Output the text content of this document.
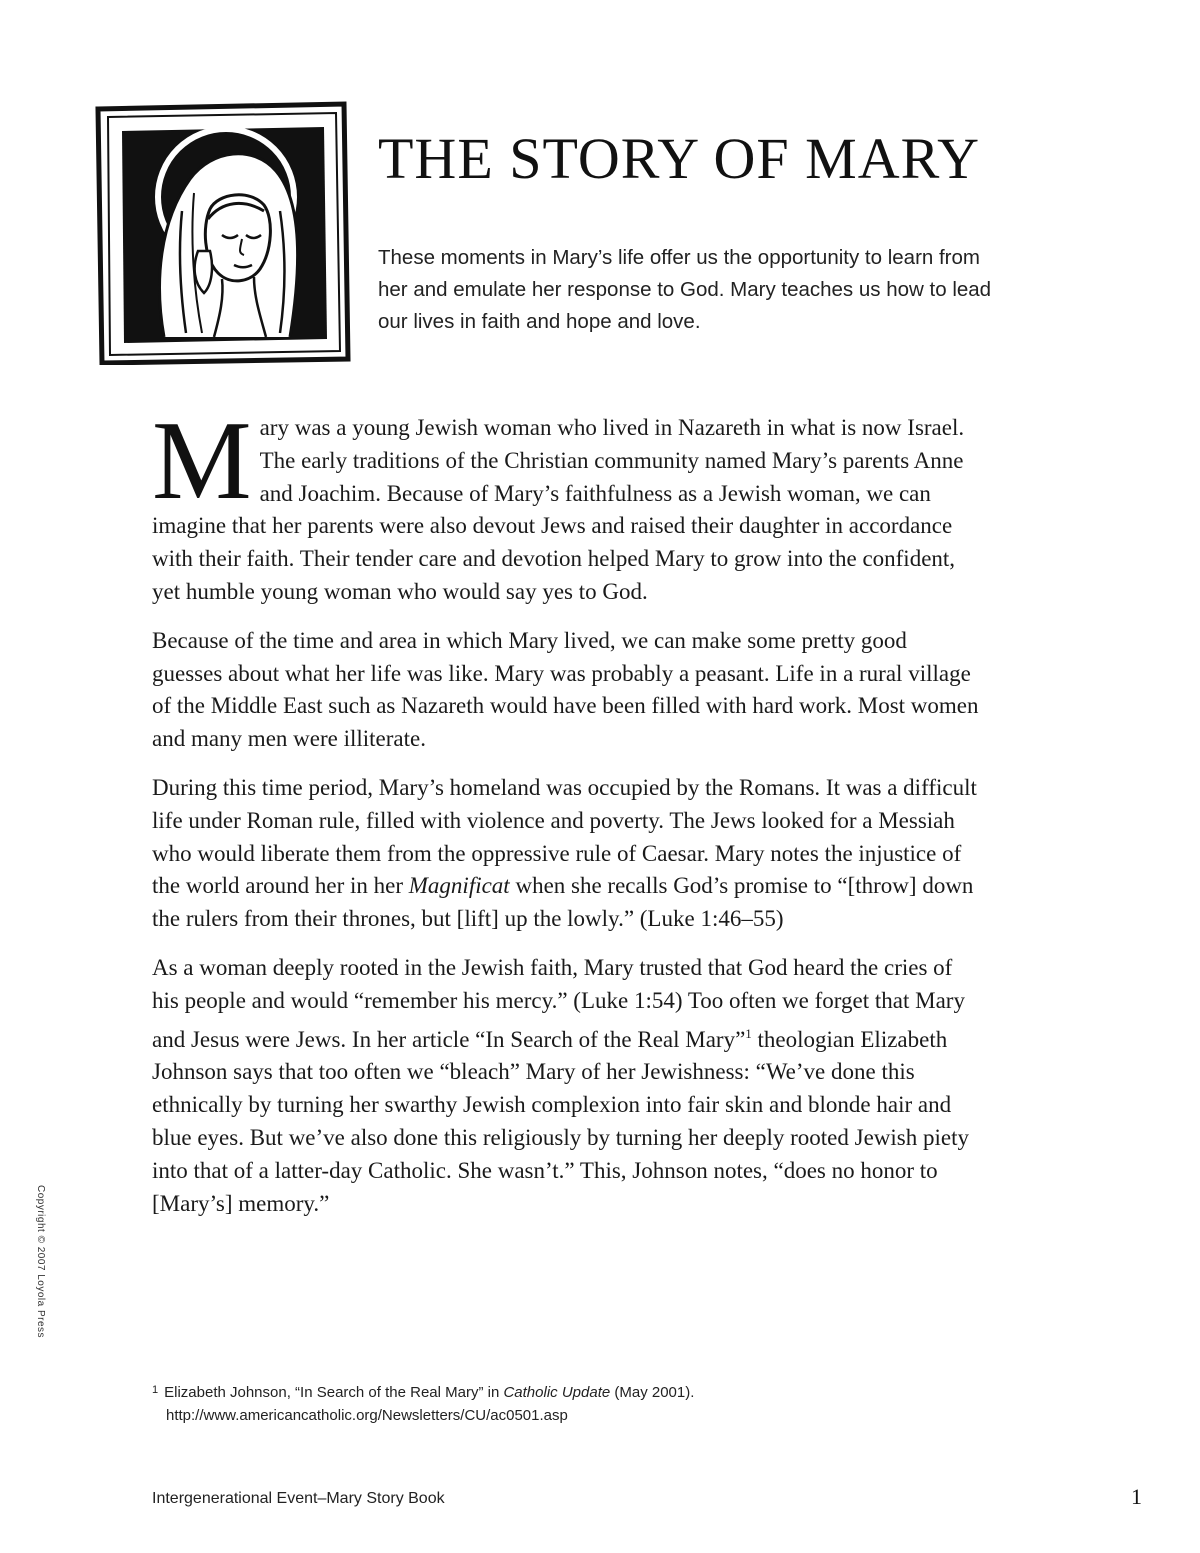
THE STORY OF MARY

These moments in Mary’s life offer us the opportunity to learn from her and emulate her response to God. Mary teaches us how to lead our lives in faith and hope and love.

Mary was a young Jewish woman who lived in Nazareth in what is now Israel. The early traditions of the Christian community named Mary’s parents Anne and Joachim. Because of Mary’s faithfulness as a Jewish woman, we can imagine that her parents were also devout Jews and raised their daughter in accordance with their faith. Their tender care and devotion helped Mary to grow into the confident, yet humble young woman who would say yes to God.

Because of the time and area in which Mary lived, we can make some pretty good guesses about what her life was like. Mary was probably a peasant. Life in a rural village of the Middle East such as Nazareth would have been filled with hard work. Most women and many men were illiterate.

During this time period, Mary’s homeland was occupied by the Romans. It was a difficult life under Roman rule, filled with violence and poverty. The Jews looked for a Messiah who would liberate them from the oppressive rule of Caesar. Mary notes the injustice of the world around her in her Magnificat when she recalls God’s promise to “[throw] down the rulers from their thrones, but [lift] up the lowly.” (Luke 1:46–55)

As a woman deeply rooted in the Jewish faith, Mary trusted that God heard the cries of his people and would “remember his mercy.” (Luke 1:54) Too often we forget that Mary and Jesus were Jews. In her article “In Search of the Real Mary”$^1$ theologian Elizabeth Johnson says that too often we “bleach” Mary of her Jewishness: “We’ve done this ethnically by turning her swarthy Jewish complexion into fair skin and blonde hair and blue eyes. But we’ve also done this religiously by turning her deeply rooted Jewish piety into that of a latter-day Catholic. She wasn’t.” This, Johnson notes, “does no honor to [Mary’s] memory.”

Copyright © 2007 Loyola Press
$^1$ Elizabeth Johnson, “In Search of the Real Mary” in Catholic Update (May 2001).
http://www.americancatholic.org/Newsletters/CU/ac0501.asp
Intergenerational Event–Mary Story Book	1
